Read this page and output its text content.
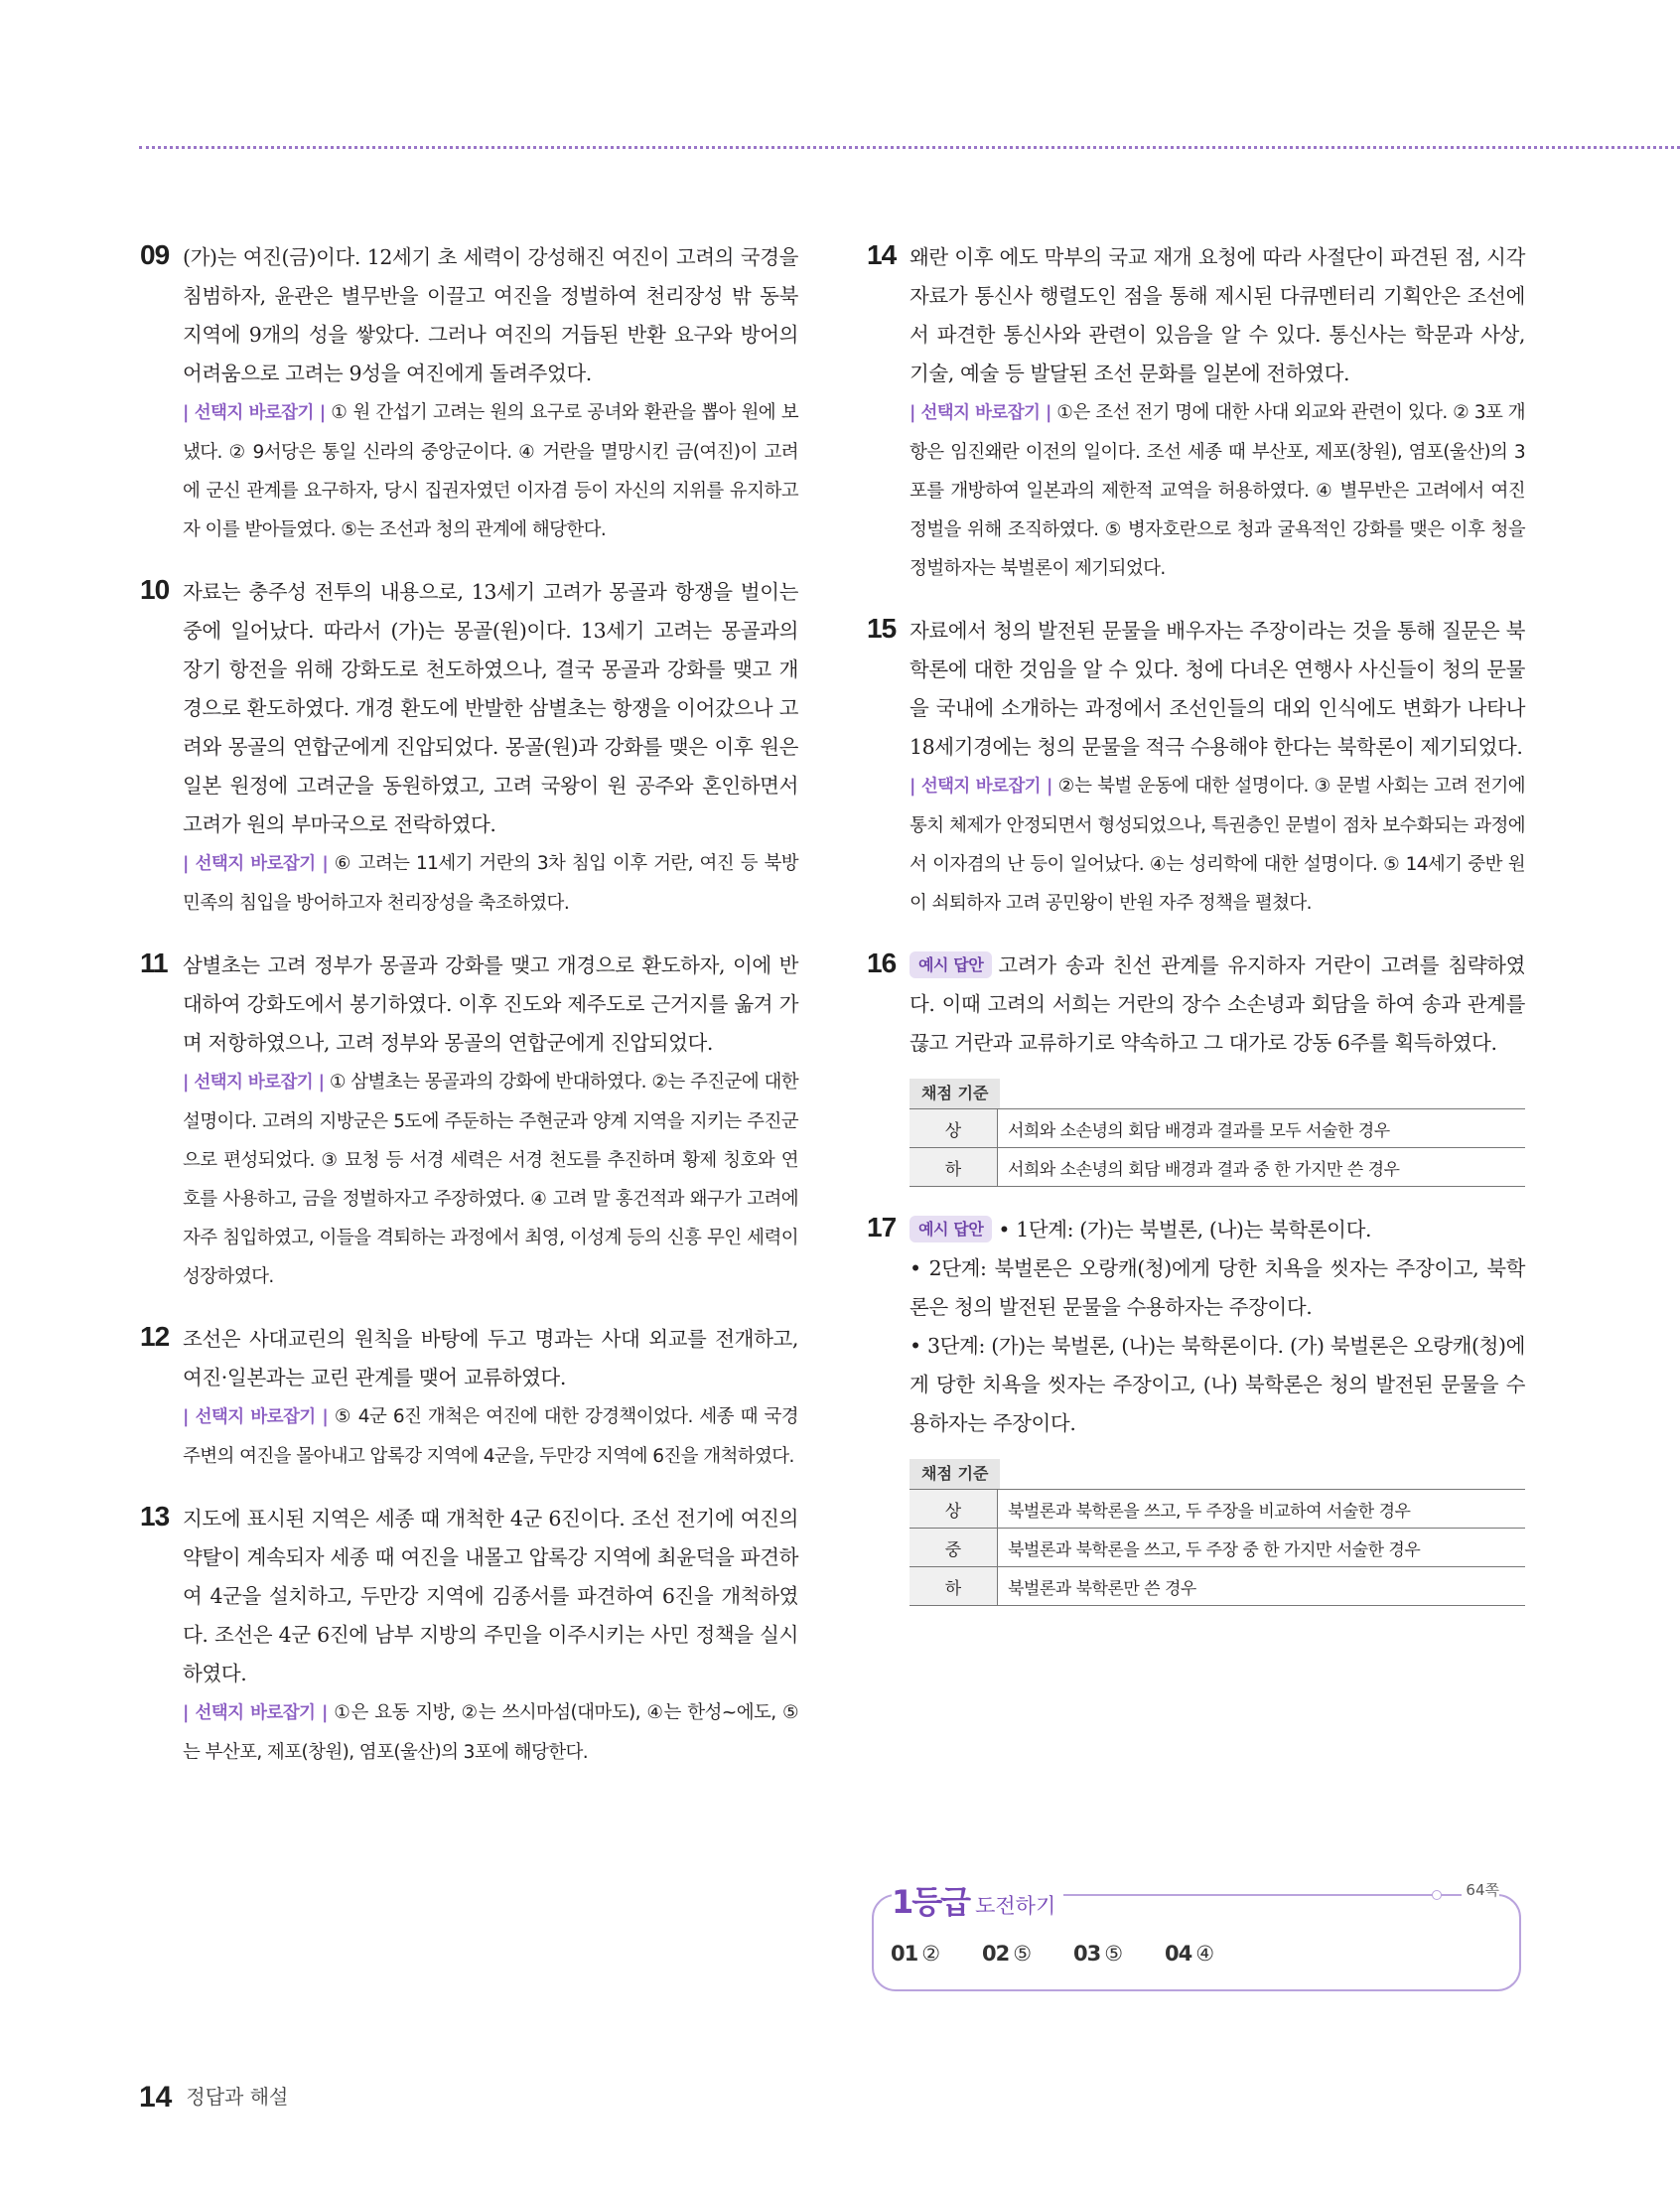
09 (가)는 여진(금)이다. 12세기 초 세력이 강성해진 여진이 고려의 국경을 침범하자, 윤관은 별무반을 이끌고 여진을 정벌하여 천리장성 밖 동북 지역에 9개의 성을 쌓았다. 그러나 여진의 거듭된 반환 요구와 방어의 어려움으로 고려는 9성을 여진에게 돌려주었다.

| 선택지 바로잡기 | ① 원 간섭기 고려는 원의 요구로 공녀와 환관을 뽑아 원에 보냈다. ② 9서당은 통일 신라의 중앙군이다. ④ 거란을 멸망시킨 금(여진)이 고려에 군신 관계를 요구하자, 당시 집권자였던 이자겸 등이 자신의 지위를 유지하고자 이를 받아들였다. ⑤는 조선과 청의 관계에 해당한다.

10 자료는 충주성 전투의 내용으로, 13세기 고려가 몽골과 항쟁을 벌이는 중에 일어났다. 따라서 (가)는 몽골(원)이다. 13세기 고려는 몽골과의 장기 항전을 위해 강화도로 천도하였으나, 결국 몽골과 강화를 맺고 개경으로 환도하였다. 개경 환도에 반발한 삼별초는 항쟁을 이어갔으나 고려와 몽골의 연합군에게 진압되었다. 몽골(원)과 강화를 맺은 이후 원은 일본 원정에 고려군을 동원하였고, 고려 국왕이 원 공주와 혼인하면서 고려가 원의 부마국으로 전락하였다.

| 선택지 바로잡기 | ⑥ 고려는 11세기 거란의 3차 침입 이후 거란, 여진 등 북방 민족의 침입을 방어하고자 천리장성을 축조하였다.

11 삼별초는 고려 정부가 몽골과 강화를 맺고 개경으로 환도하자, 이에 반대하여 강화도에서 봉기하였다. 이후 진도와 제주도로 근거지를 옮겨 가며 저항하였으나, 고려 정부와 몽골의 연합군에게 진압되었다.

| 선택지 바로잡기 | ① 삼별초는 몽골과의 강화에 반대하였다. ②는 주진군에 대한 설명이다. 고려의 지방군은 5도에 주둔하는 주현군과 양계 지역을 지키는 주진군으로 편성되었다. ③ 묘청 등 서경 세력은 서경 천도를 추진하며 황제 칭호와 연호를 사용하고, 금을 정벌하자고 주장하였다. ④ 고려 말 홍건적과 왜구가 고려에 자주 침입하였고, 이들을 격퇴하는 과정에서 최영, 이성계 등의 신흥 무인 세력이 성장하였다.

12 조선은 사대교린의 원칙을 바탕에 두고 명과는 사대 외교를 전개하고, 여진·일본과는 교린 관계를 맺어 교류하였다.

| 선택지 바로잡기 | ⑤ 4군 6진 개척은 여진에 대한 강경책이었다. 세종 때 국경 주변의 여진을 몰아내고 압록강 지역에 4군을, 두만강 지역에 6진을 개척하였다.

13 지도에 표시된 지역은 세종 때 개척한 4군 6진이다. 조선 전기에 여진의 약탈이 계속되자 세종 때 여진을 내몰고 압록강 지역에 최윤덕을 파견하여 4군을 설치하고, 두만강 지역에 김종서를 파견하여 6진을 개척하였다. 조선은 4군 6진에 남부 지방의 주민을 이주시키는 사민 정책을 실시하였다.

| 선택지 바로잡기 | ①은 요동 지방, ②는 쓰시마섬(대마도), ④는 한성~에도, ⑤는 부산포, 제포(창원), 염포(울산)의 3포에 해당한다.

14 왜란 이후 에도 막부의 국교 재개 요청에 따라 사절단이 파견된 점, 시각 자료가 통신사 행렬도인 점을 통해 제시된 다큐멘터리 기획안은 조선에서 파견한 통신사와 관련이 있음을 알 수 있다. 통신사는 학문과 사상, 기술, 예술 등 발달된 조선 문화를 일본에 전하였다.

| 선택지 바로잡기 | ①은 조선 전기 명에 대한 사대 외교와 관련이 있다. ② 3포 개항은 임진왜란 이전의 일이다. 조선 세종 때 부산포, 제포(창원), 염포(울산)의 3포를 개방하여 일본과의 제한적 교역을 허용하였다. ④ 별무반은 고려에서 여진 정벌을 위해 조직하였다. ⑤ 병자호란으로 청과 굴욕적인 강화를 맺은 이후 청을 정벌하자는 북벌론이 제기되었다.

15 자료에서 청의 발전된 문물을 배우자는 주장이라는 것을 통해 질문은 북학론에 대한 것임을 알 수 있다. 청에 다녀온 연행사 사신들이 청의 문물을 국내에 소개하는 과정에서 조선인들의 대외 인식에도 변화가 나타나 18세기경에는 청의 문물을 적극 수용해야 한다는 북학론이 제기되었다.

| 선택지 바로잡기 | ②는 북벌 운동에 대한 설명이다. ③ 문벌 사회는 고려 전기에 통치 체제가 안정되면서 형성되었으나, 특권층인 문벌이 점차 보수화되는 과정에서 이자겸의 난 등이 일어났다. ④는 성리학에 대한 설명이다. ⑤ 14세기 중반 원이 쇠퇴하자 고려 공민왕이 반원 자주 정책을 펼쳤다.

16	예시 답안 고려가 송과 친선 관계를 유지하자 거란이 고려를 침략하였다. 이때 고려의 서희는 거란의 장수 소손녕과 회담을 하여 송과 관계를 끊고 거란과 교류하기로 약속하고 그 대가로 강동 6주를 획득하였다.

채점 기준
상	서희와 소손녕의 회담 배경과 결과를 모두 서술한 경우
하	서희와 소손녕의 회담 배경과 결과 중 한 가지만 쓴 경우
17	예시 답안 • 1단계: (가)는 북벌론, (나)는 북학론이다.

• 2단계: 북벌론은 오랑캐(청)에게 당한 치욕을 씻자는 주장이고, 북학론은 청의 발전된 문물을 수용하자는 주장이다.

• 3단계: (가)는 북벌론, (나)는 북학론이다. (가) 북벌론은 오랑캐(청)에게 당한 치욕을 씻자는 주장이고, (나) 북학론은 청의 발전된 문물을 수용하자는 주장이다.

채점 기준
상	북벌론과 북학론을 쓰고, 두 주장을 비교하여 서술한 경우
중	북벌론과 북학론을 쓰고, 두 주장 중 한 가지만 서술한 경우
하	북벌론과 북학론만 쓴 경우
1등급 도전하기
64쪽
01 ②	02 ⑤	03 ⑤	04 ④
14 정답과 해설
